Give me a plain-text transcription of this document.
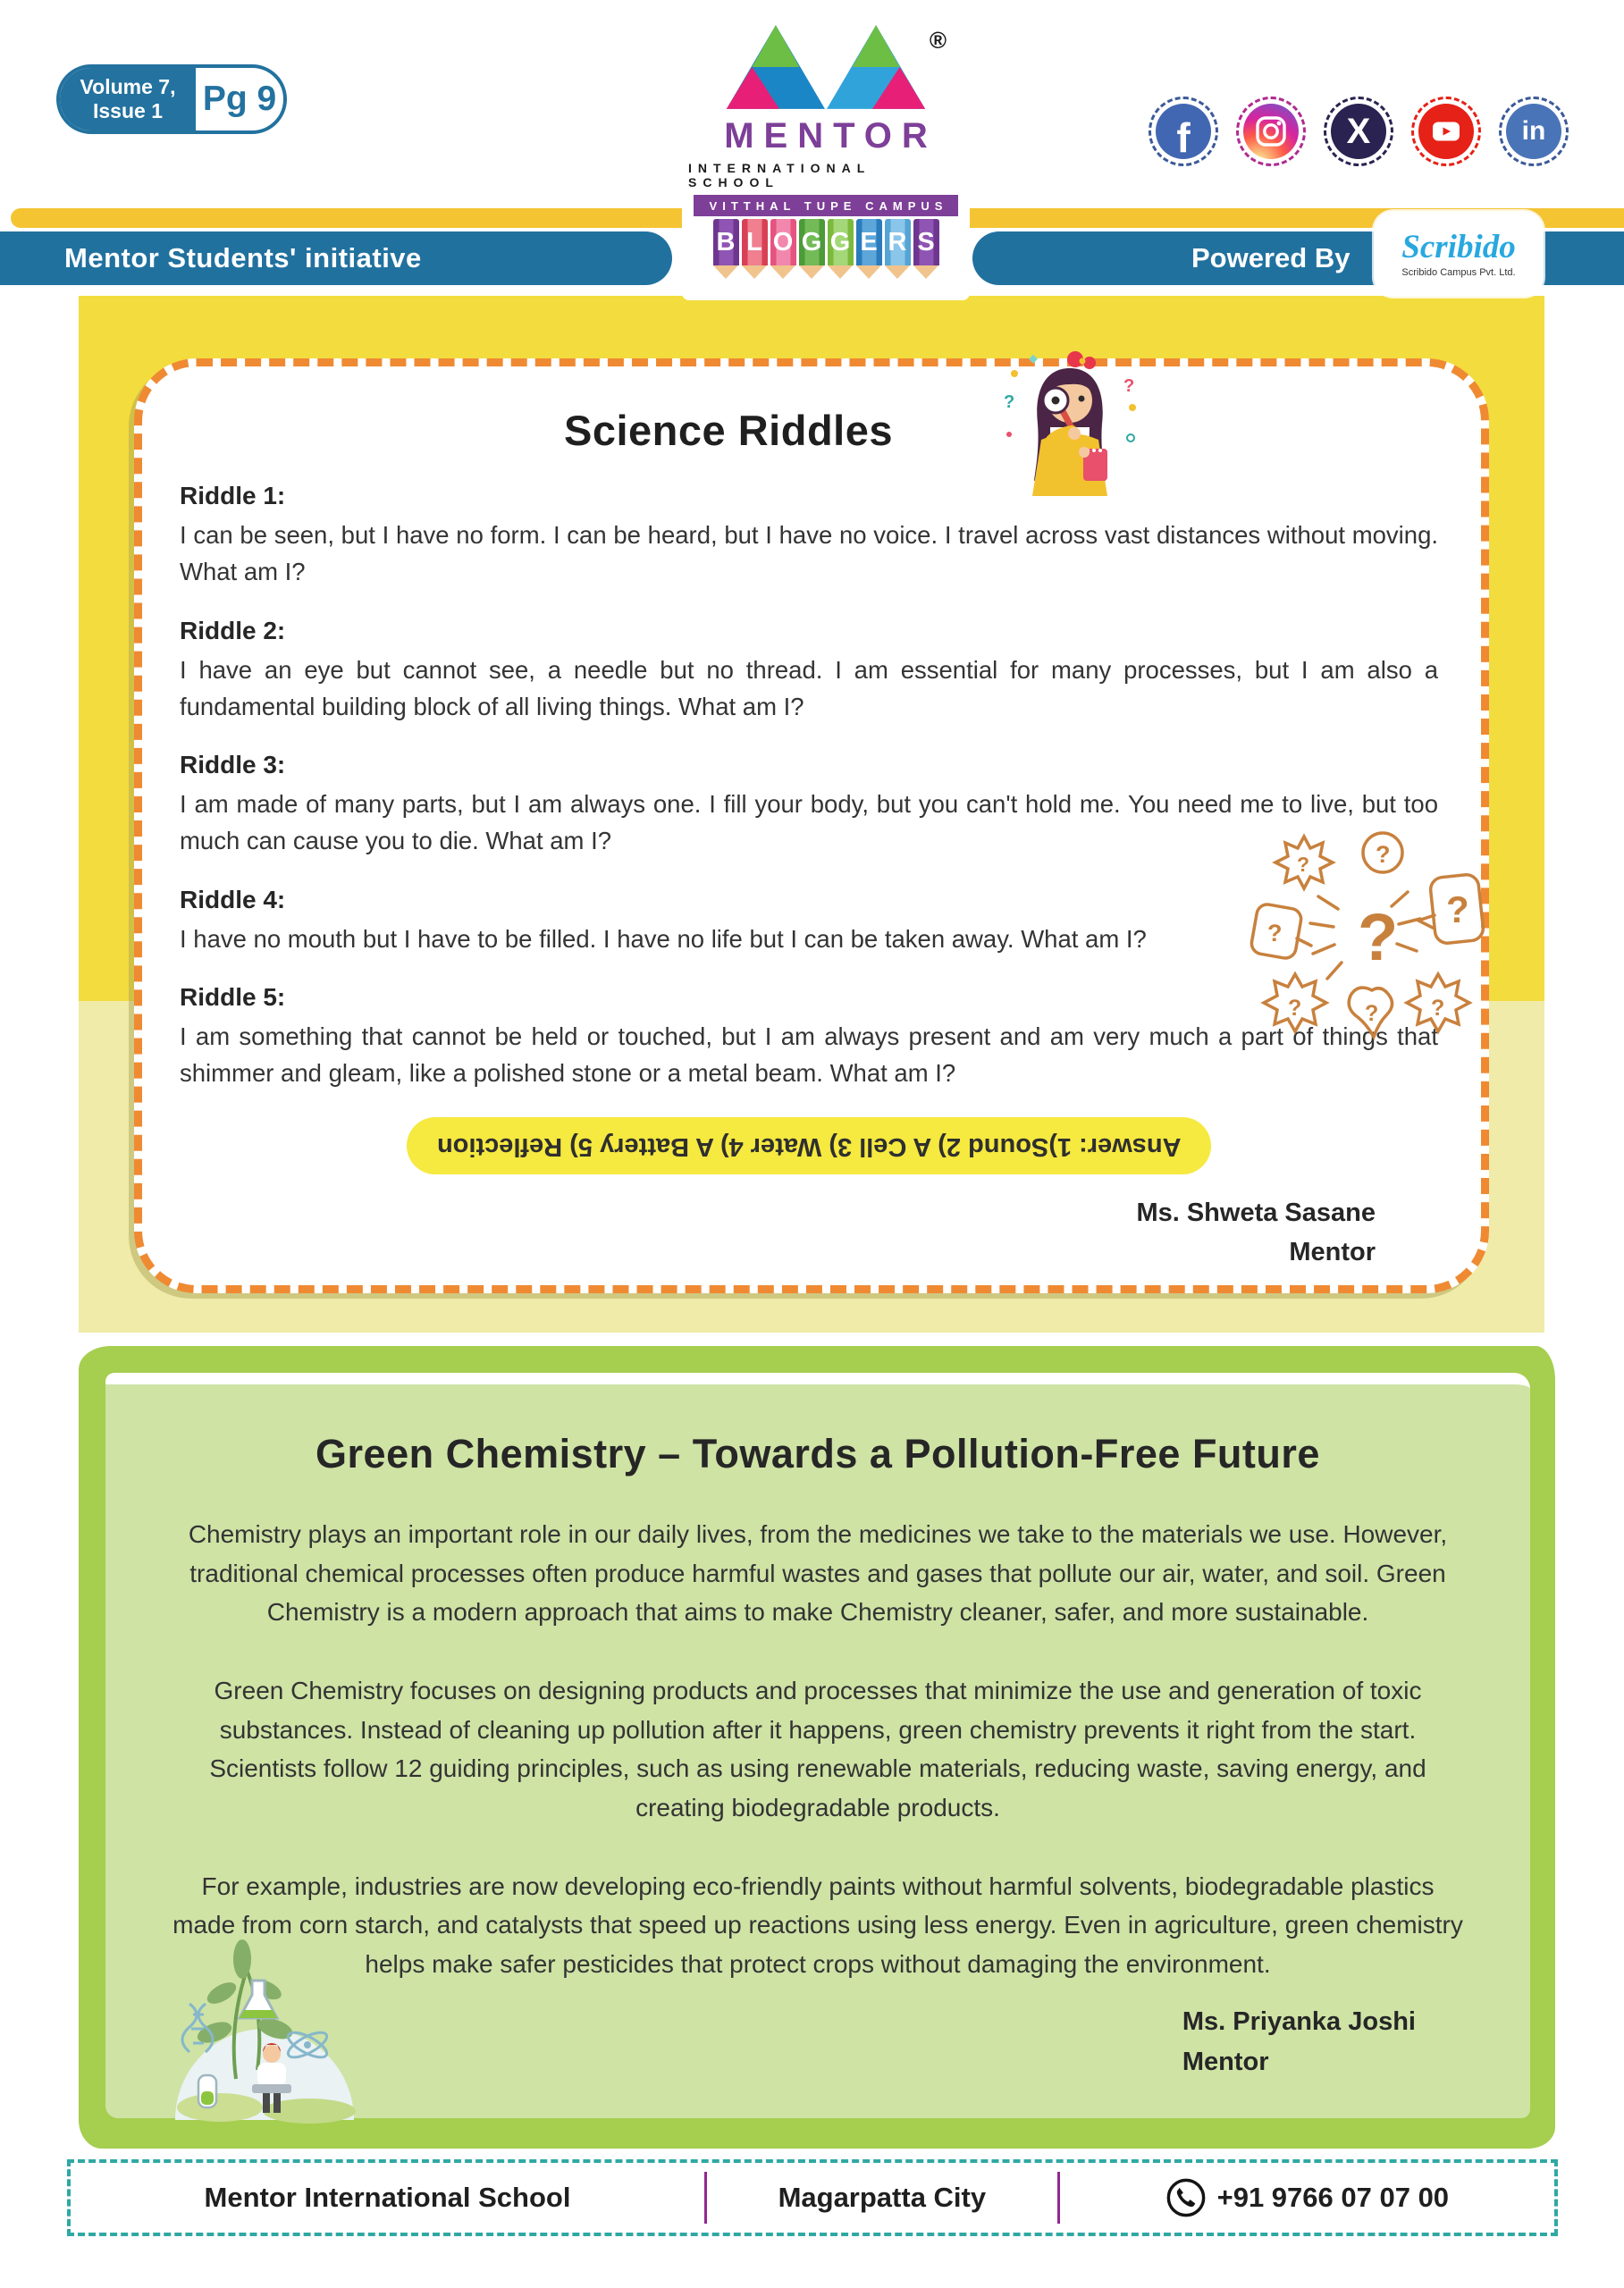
Mentor Students' initiative	Powered By Scribido
Scribido Campus Pvt. Ltd.
Volume 7,
Issue 1 Pg 9
®
MENTOR
INTERNATIONAL SCHOOL
VITTHAL TUPE CAMPUS
B L O G G E R S
f	X	in
Science Riddles
?
?
Riddle 1:
I can be seen, but I have no form. I can be heard, but I have no voice. I travel across vast distances without moving. What am I?
Riddle 2:
I have an eye but cannot see, a needle but no thread. I am essential for many processes, but I am also a fundamental building block of all living things. What am I?
Riddle 3:
I am made of many parts, but I am always one. I fill your body, but you can't hold me. You need me to live, but too much can cause you to die. What am I?
Riddle 4:
I have no mouth but I have to be filled. I have no life but I can be taken away. What am I?
Riddle 5:
I am something that cannot be held or touched, but I am always present and am very much a part of things that shimmer and gleam, like a polished stone or a metal beam. What am I?
?
?
?
?
?
?	?
?
Answer: 1)Sound 2) A Cell 3) Water 4) A Battery 5) Reflection
Ms. Shweta Sasane
Mentor
Green Chemistry – Towards a Pollution-Free Future

Chemistry plays an important role in our daily lives, from the medicines we take to the materials we use. However, traditional chemical processes often produce harmful wastes and gases that pollute our air, water, and soil. Green Chemistry is a modern approach that aims to make Chemistry cleaner, safer, and more sustainable.

Green Chemistry focuses on designing products and processes that minimize the use and generation of toxic substances. Instead of cleaning up pollution after it happens, green chemistry prevents it right from the start. Scientists follow 12 guiding principles, such as using renewable materials, reducing waste, saving energy, and creating biodegradable products.

For example, industries are now developing eco-friendly paints without harmful solvents, biodegradable plastics made from corn starch, and catalysts that speed up reactions using less energy. Even in agriculture, green chemistry helps make safer pesticides that protect crops without damaging the environment.

Ms. Priyanka Joshi
Mentor
Mentor International School	Magarpatta City	+91 9766 07 07 00
